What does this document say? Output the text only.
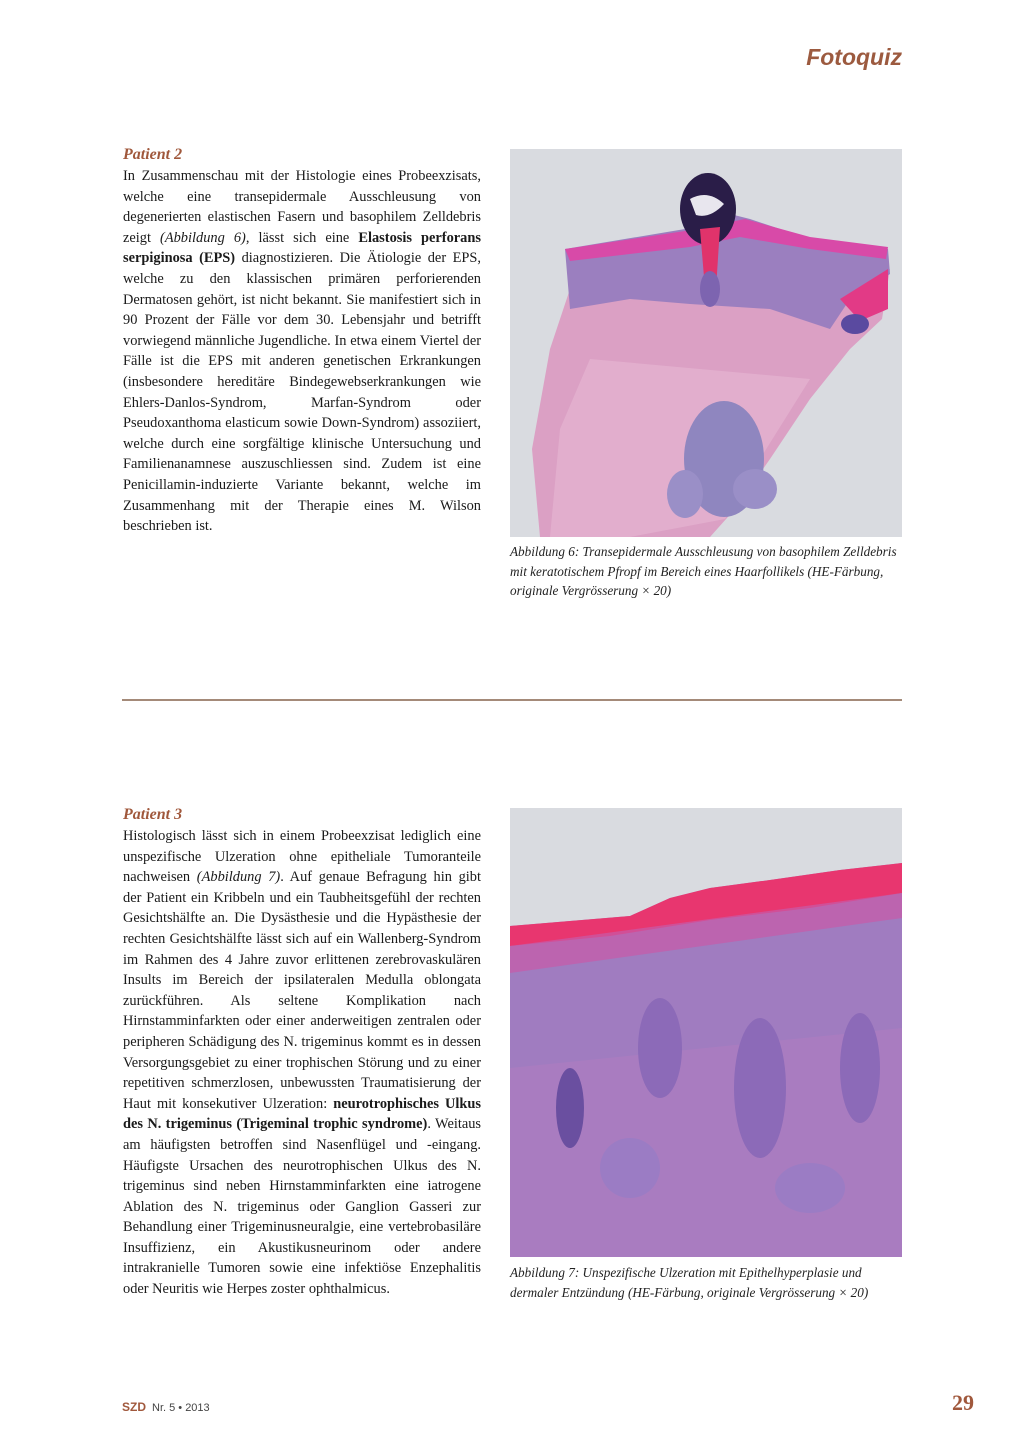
Fotoquiz
Patient 2
In Zusammenschau mit der Histologie eines Probeexzisats, welche eine transepidermale Ausschleusung von degenerierten elastischen Fasern und basophilem Zelldebris zeigt (Abbildung 6), lässt sich eine Elastosis perforans serpiginosa (EPS) diagnostizieren. Die Ätiologie der EPS, welche zu den klassischen primären perforierenden Dermatosen gehört, ist nicht bekannt. Sie manifestiert sich in 90 Prozent der Fälle vor dem 30. Lebensjahr und betrifft vorwiegend männliche Jugendliche. In etwa einem Viertel der Fälle ist die EPS mit anderen genetischen Erkrankungen (insbesondere hereditäre Bindegewebserkrankungen wie Ehlers-Danlos-Syndrom, Marfan-Syndrom oder Pseudoxanthoma elasticum sowie Down-Syndrom) assoziiert, welche durch eine sorgfältige klinische Untersuchung und Familienanamnese auszuschliessen sind. Zudem ist eine Penicillamin-induzierte Variante bekannt, welche im Zusammenhang mit der Therapie eines M. Wilson beschrieben ist.
Abbildung 6: Transepidermale Ausschleusung von basophilem Zelldebris mit keratotischem Pfropf im Bereich eines Haarfollikels (HE-Färbung, originale Vergrösserung × 20)
Patient 3
Histologisch lässt sich in einem Probeexzisat lediglich eine unspezifische Ulzeration ohne epitheliale Tumoranteile nachweisen (Abbildung 7). Auf genaue Befragung hin gibt der Patient ein Kribbeln und ein Taubheitsgefühl der rechten Gesichtshälfte an. Die Dysästhesie und die Hypästhesie der rechten Gesichtshälfte lässt sich auf ein Wallenberg-Syndrom im Rahmen des 4 Jahre zuvor erlittenen zerebrovaskulären Insults im Bereich der ipsilateralen Medulla oblongata zurückführen. Als seltene Komplikation nach Hirnstamminfarkten oder einer anderweitigen zentralen oder peripheren Schädigung des N. trigeminus kommt es in dessen Versorgungsgebiet zu einer trophischen Störung und zu einer repetitiven schmerzlosen, unbewussten Traumatisierung der Haut mit konsekutiver Ulzeration: neurotrophisches Ulkus des N. trigeminus (Trigeminal trophic syndrome). Weitaus am häufigsten betroffen sind Nasenflügel und -eingang. Häufigste Ursachen des neurotrophischen Ulkus des N. trigeminus sind neben Hirnstamminfarkten eine iatrogene Ablation des N. trigeminus oder Ganglion Gasseri zur Behandlung einer Trigeminusneuralgie, eine vertebrobasiläre Insuffizienz, ein Akustikusneurinom oder andere intrakranielle Tumoren sowie eine infektiöse Enzephalitis oder Neuritis wie Herpes zoster ophthalmicus.
Abbildung 7: Unspezifische Ulzeration mit Epithelhyperplasie und dermaler Entzündung (HE-Färbung, originale Vergrösserung × 20)
SZD Nr. 5 • 2013	29
